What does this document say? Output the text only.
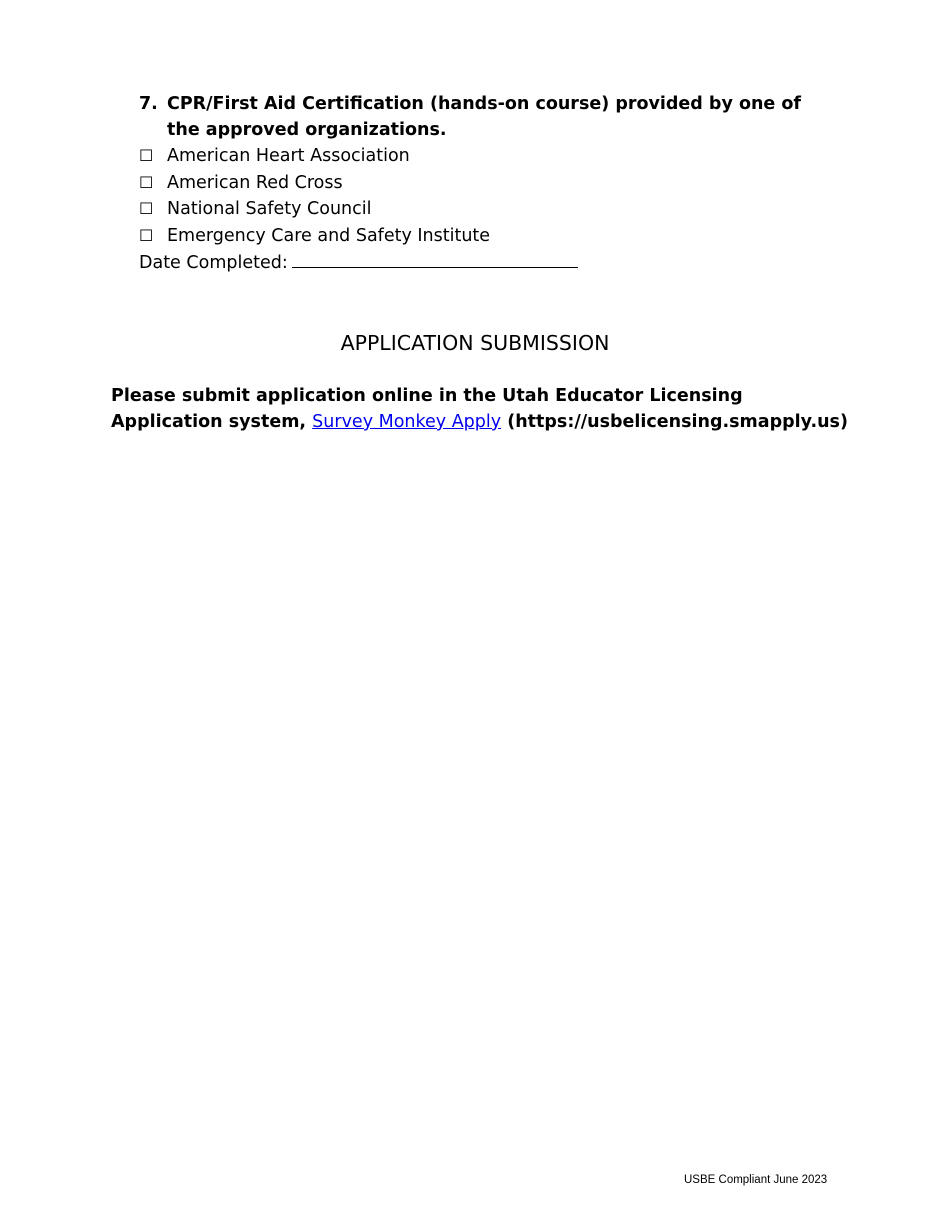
7. CPR/First Aid Certification (hands-on course) provided by one of the approved organizations.
☐ American Heart Association
☐ American Red Cross
☐ National Safety Council
☐ Emergency Care and Safety Institute
Date Completed:
APPLICATION SUBMISSION

Please submit application online in the Utah Educator Licensing Application system, Survey Monkey Apply (https://usbelicensing.smapply.us)

USBE Compliant June 2023
